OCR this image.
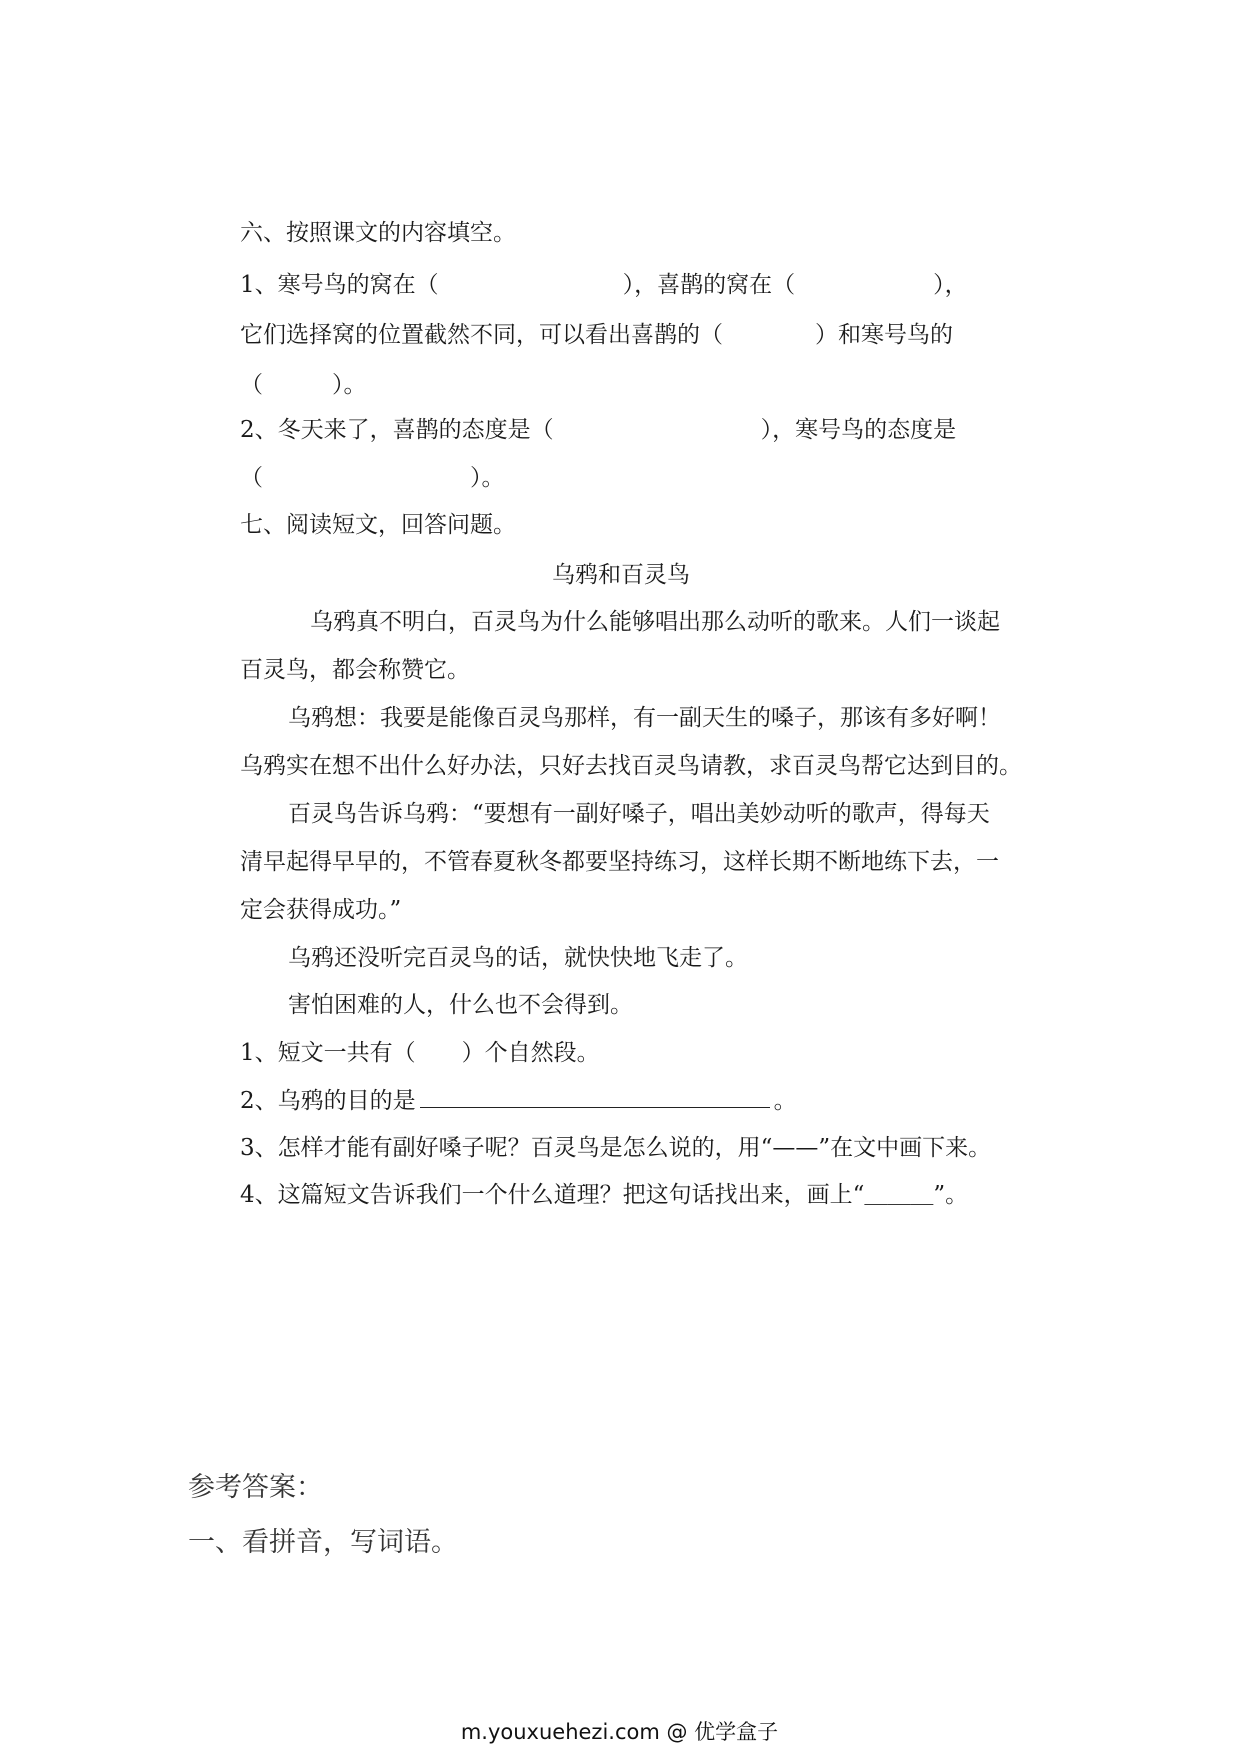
六、按照课文的内容填空。
1、寒号鸟的窝在（　　　　　　　　），喜鹊的窝在（　　　　　　），
它们选择窝的位置截然不同，可以看出喜鹊的（　　　　）和寒号鸟的
（　　　）。
2、冬天来了，喜鹊的态度是（　　　　　　　　　），寒号鸟的态度是
（　　　　　　　　　）。
七、阅读短文，回答问题。
乌鸦和百灵鸟
乌鸦真不明白，百灵鸟为什么能够唱出那么动听的歌来。人们一谈起
百灵鸟，都会称赞它。
乌鸦想：我要是能像百灵鸟那样，有一副天生的嗓子，那该有多好啊！
乌鸦实在想不出什么好办法，只好去找百灵鸟请教，求百灵鸟帮它达到目的。
百灵鸟告诉乌鸦：“要想有一副好嗓子，唱出美妙动听的歌声，得每天
清早起得早早的，不管春夏秋冬都要坚持练习，这样长期不断地练下去，一
定会获得成功。”
乌鸦还没听完百灵鸟的话，就快快地飞走了。
害怕困难的人，什么也不会得到。
1、短文一共有（　　）个自然段。
2、乌鸦的目的是	。
3、怎样才能有副好嗓子呢？百灵鸟是怎么说的，用“——”在文中画下来。
4、这篇短文告诉我们一个什么道理？把这句话找出来，画上“＿＿＿”。
参考答案：
一、看拼音，写词语。
m.youxuehezi.com @ 优学盒子
